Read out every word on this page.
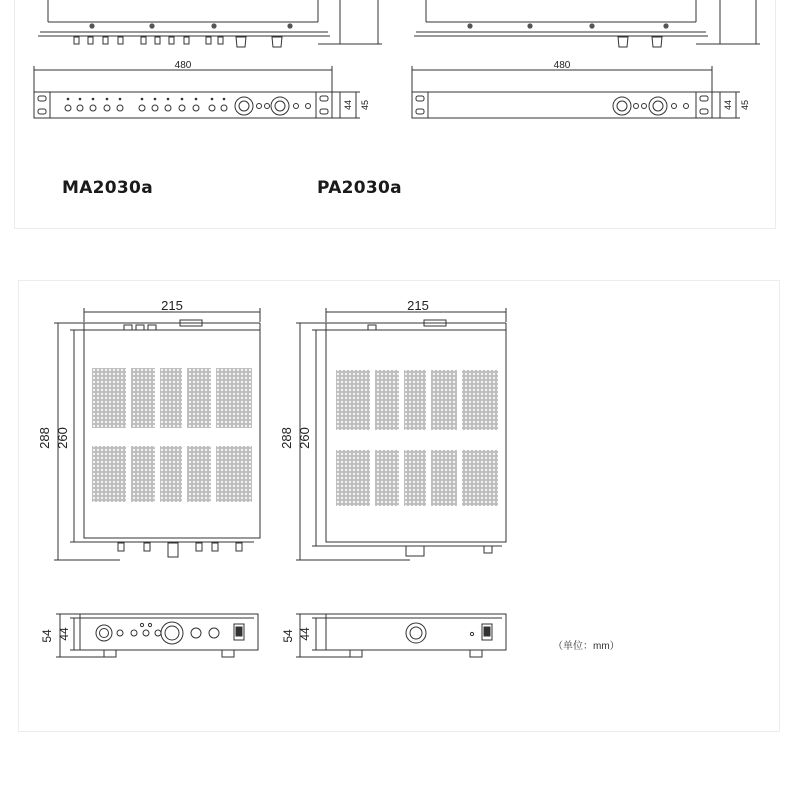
480	480
44 45	44 45
MA2030a	PA2030a
215
288 260
215
288 260
54 44	54 44
（单位：mm）
